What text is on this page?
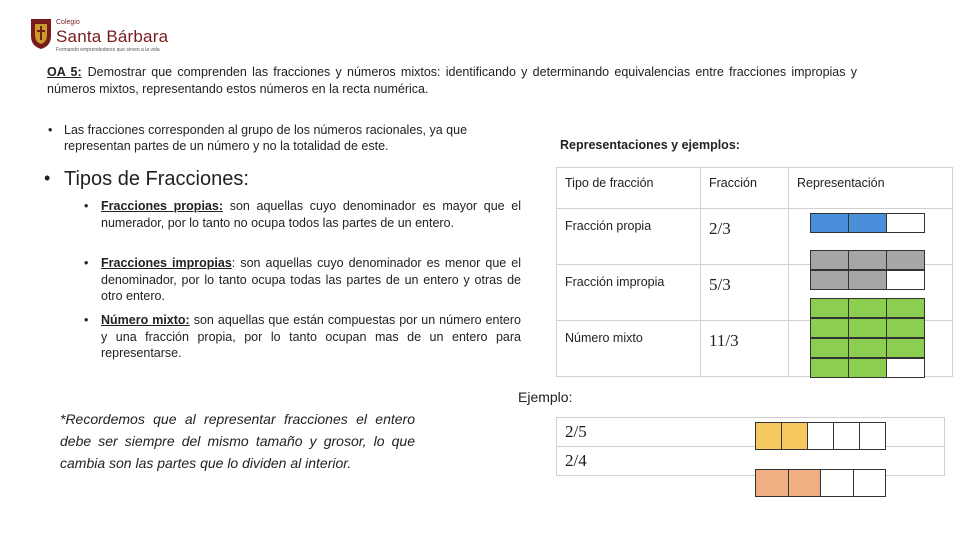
Colegio
Santa Bárbara
Formando emprendedores que sirven a la vida
OA 5: Demostrar que comprenden las fracciones y números mixtos: identificando y determinando equivalencias entre fracciones impropias y números mixtos, representando estos números en la recta numérica.
• Las fracciones corresponden al grupo de los números racionales, ya que representan partes de un número y no la totalidad de este.
• Tipos de Fracciones:
• Fracciones propias: son aquellas cuyo denominador es mayor que el numerador, por lo tanto no ocupa todos las partes de un entero.
• Fracciones impropias: son aquellas cuyo denominador es menor que el denominador, por lo tanto ocupa todas las partes de un entero y otras de otro entero.
• Número mixto: son aquellas que están compuestas por un número entero y una fracción propia, por lo tanto ocupan mas de un entero para representarse.
*Recordemos que al representar fracciones el entero debe ser siempre del mismo tamaño y grosor, lo que cambia son las partes que lo dividen al interior.
Representaciones y ejemplos:
Tipo de fracción	Fracción	Representación
Fracción propia	2/3	
Fracción impropia	5/3	
Número mixto	11/3	
Ejemplo:
2/5
2/4
